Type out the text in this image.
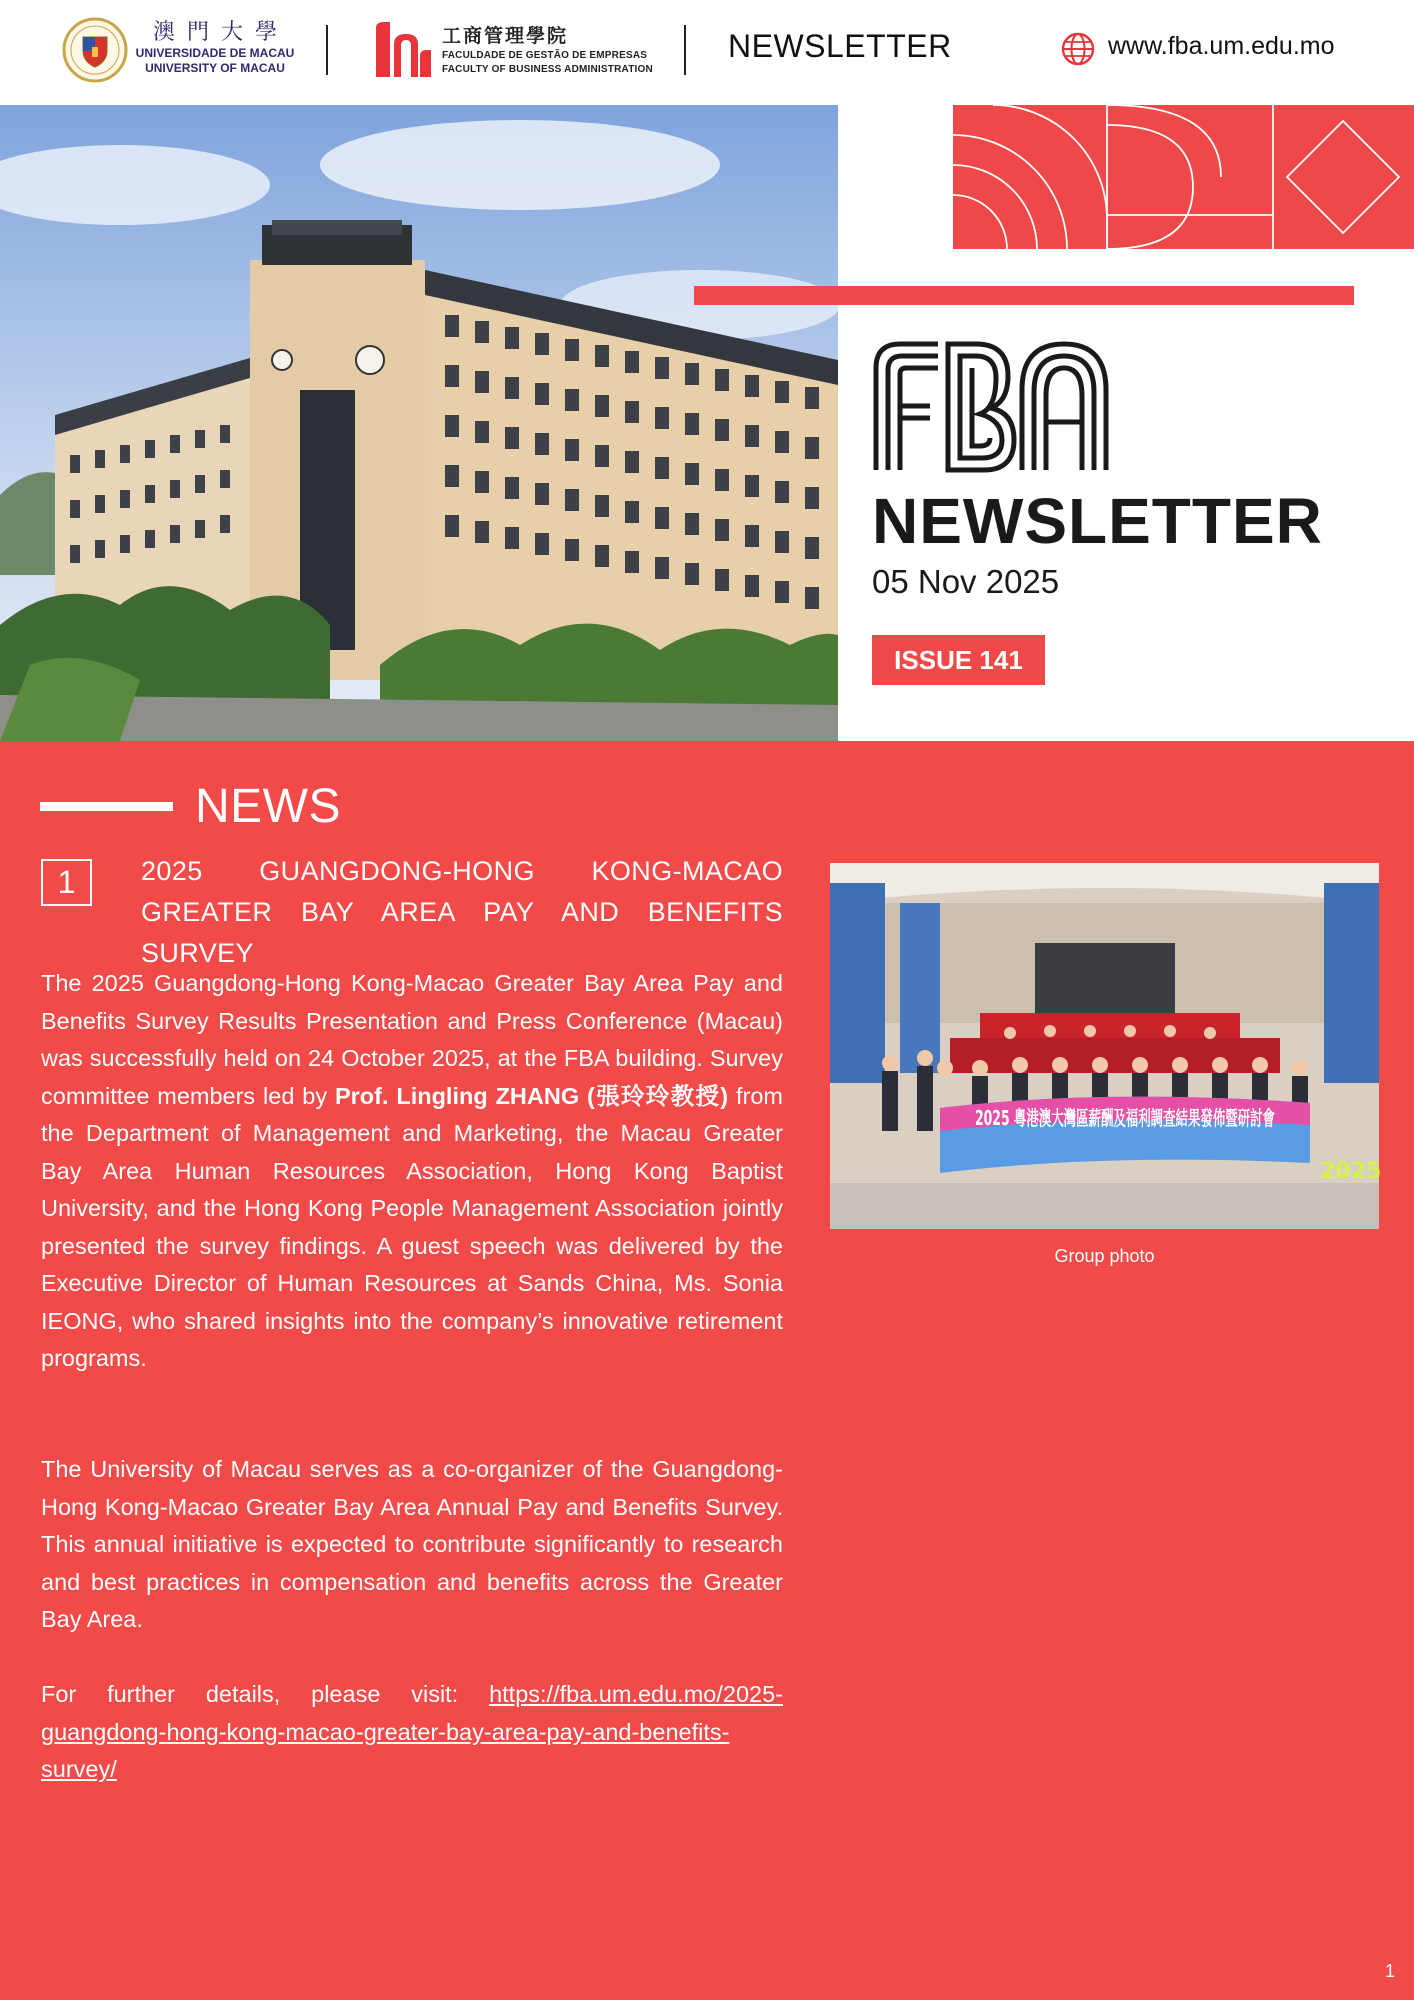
澳門大學
UNIVERSIDADE DE MACAU
UNIVERSITY OF MACAU
工商管理學院
FACULDADE DE GESTÃO DE EMPRESAS
FACULTY OF BUSINESS ADMINISTRATION
NEWSLETTER	www.fba.um.edu.mo
NEWSLETTER
05 Nov 2025
ISSUE 141
NEWS
1	2025 GUANGDONG-HONG KONG-MACAO GREATER BAY AREA PAY AND BENEFITS SURVEY
The 2025 Guangdong-Hong Kong-Macao Greater Bay Area Pay and Benefits Survey Results Presentation and Press Conference (Macau) was successfully held on 24 October 2025, at the FBA building. Survey committee members led by Prof. Lingling ZHANG (張玲玲教授) from the Department of Management and Marketing, the Macau Greater Bay Area Human Resources Association, Hong Kong Baptist University, and the Hong Kong People Management Association jointly presented the survey findings. A guest speech was delivered by the Executive Director of Human Resources at Sands China, Ms. Sonia IEONG, who shared insights into the company’s innovative retirement programs.
The University of Macau serves as a co-organizer of the Guangdong-Hong Kong-Macao Greater Bay Area Annual Pay and Benefits Survey. This annual initiative is expected to contribute significantly to research and best practices in compensation and benefits across the Greater Bay Area.
For further details, please visit: https://fba.um.edu.mo/2025-guangdong-hong-kong-macao-greater-bay-area-pay-and-benefits-survey/
2025 粵港澳大灣區薪酬及福利調查結果發佈暨研討會
2025
Group photo
1
